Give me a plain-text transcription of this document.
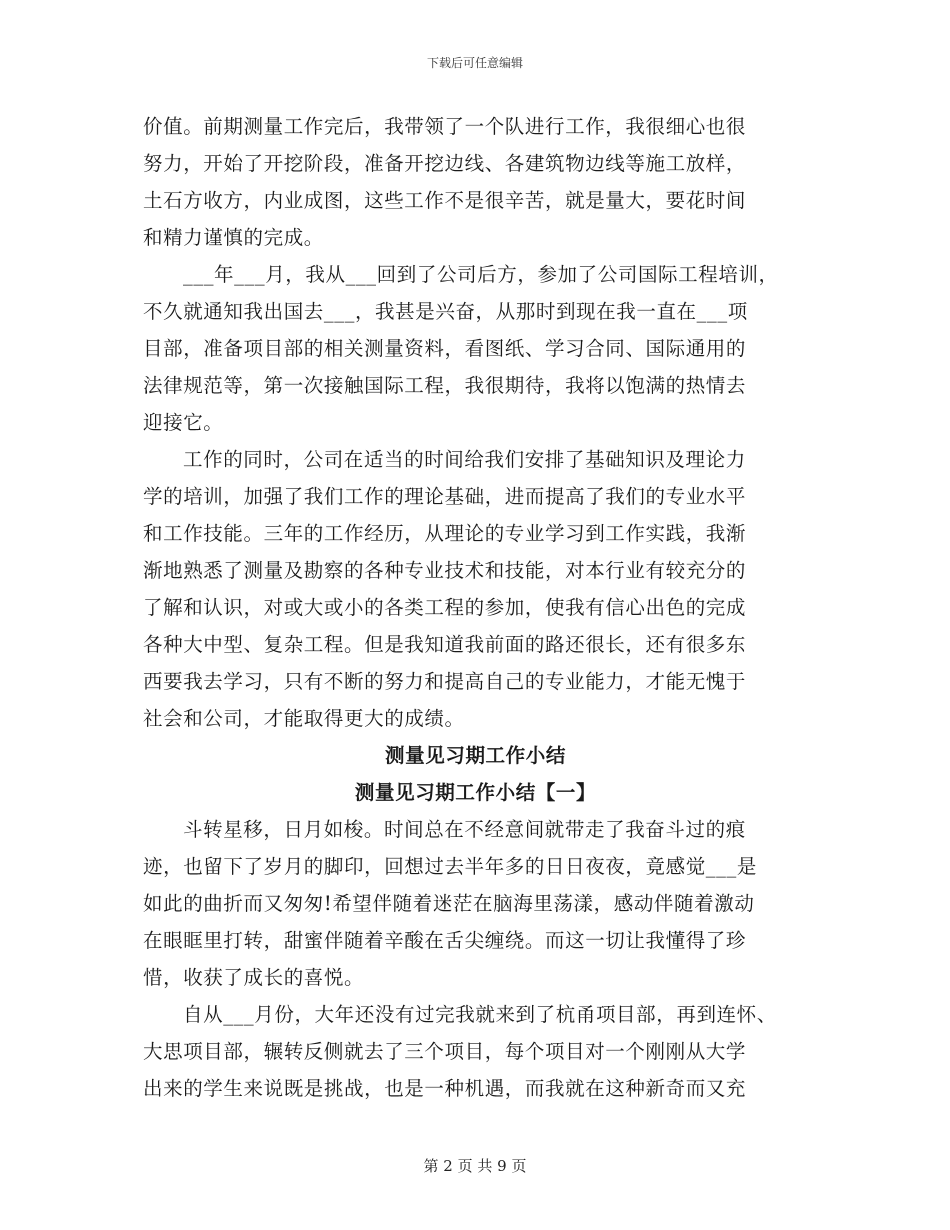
下载后可任意编辑
价值。前期测量工作完后，我带领了一个队进行工作，我很细心也很
努力，开始了开挖阶段，准备开挖边线、各建筑物边线等施工放样，
土石方收方，内业成图，这些工作不是很辛苦，就是量大，要花时间
和精力谨慎的完成。
___年___月，我从___回到了公司后方，参加了公司国际工程培训，
不久就通知我出国去___，我甚是兴奋，从那时到现在我一直在___项
目部，准备项目部的相关测量资料，看图纸、学习合同、国际通用的
法律规范等，第一次接触国际工程，我很期待，我将以饱满的热情去
迎接它。
工作的同时，公司在适当的时间给我们安排了基础知识及理论力
学的培训，加强了我们工作的理论基础，进而提高了我们的专业水平
和工作技能。三年的工作经历，从理论的专业学习到工作实践，我渐
渐地熟悉了测量及勘察的各种专业技术和技能，对本行业有较充分的
了解和认识，对或大或小的各类工程的参加，使我有信心出色的完成
各种大中型、复杂工程。但是我知道我前面的路还很长，还有很多东
西要我去学习，只有不断的努力和提高自己的专业能力，才能无愧于
社会和公司，才能取得更大的成绩。
测量见习期工作小结
测量见习期工作小结【一】
斗转星移，日月如梭。时间总在不经意间就带走了我奋斗过的痕
迹，也留下了岁月的脚印，回想过去半年多的日日夜夜，竟感觉___是
如此的曲折而又匆匆!希望伴随着迷茫在脑海里荡漾，感动伴随着激动
在眼眶里打转，甜蜜伴随着辛酸在舌尖缠绕。而这一切让我懂得了珍
惜，收获了成长的喜悦。
自从___月份，大年还没有过完我就来到了杭甬项目部，再到连怀、
大思项目部，辗转反侧就去了三个项目，每个项目对一个刚刚从大学
出来的学生来说既是挑战，也是一种机遇，而我就在这种新奇而又充
第 2 页 共 9 页
